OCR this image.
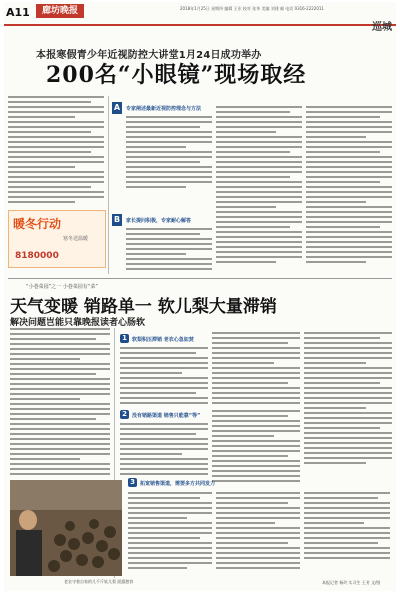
A11	廊坊晚报	2018年1月25日 星期四 编辑 王东 校对 张华 美编 刘建 邮 电话 0316-2222011
巡城
本报寒假青少年近视防控大讲堂1月24日成功举办
200名“小眼镜”现场取经
暖冬行动
寒冬送温暖
8180000
A	专家阐述最新近视防控理念与方法
B	家长提问积极，专家耐心解答
“小巷菜园”之一 小巷菜园有“菜”
天气变暖 销路单一 软儿梨大量滞销
解决问题岂能只靠晚报读者心肠软
1	软梨积压滞销 老农心急如焚
2	没有销路渠道 销售只能靠“等”
3	拓宽销售渠道，需要多方共同发力
老农守着自家的几千斤软儿梨 面露愁容	本报记者 杨玲 实习生 王芳 文/图
